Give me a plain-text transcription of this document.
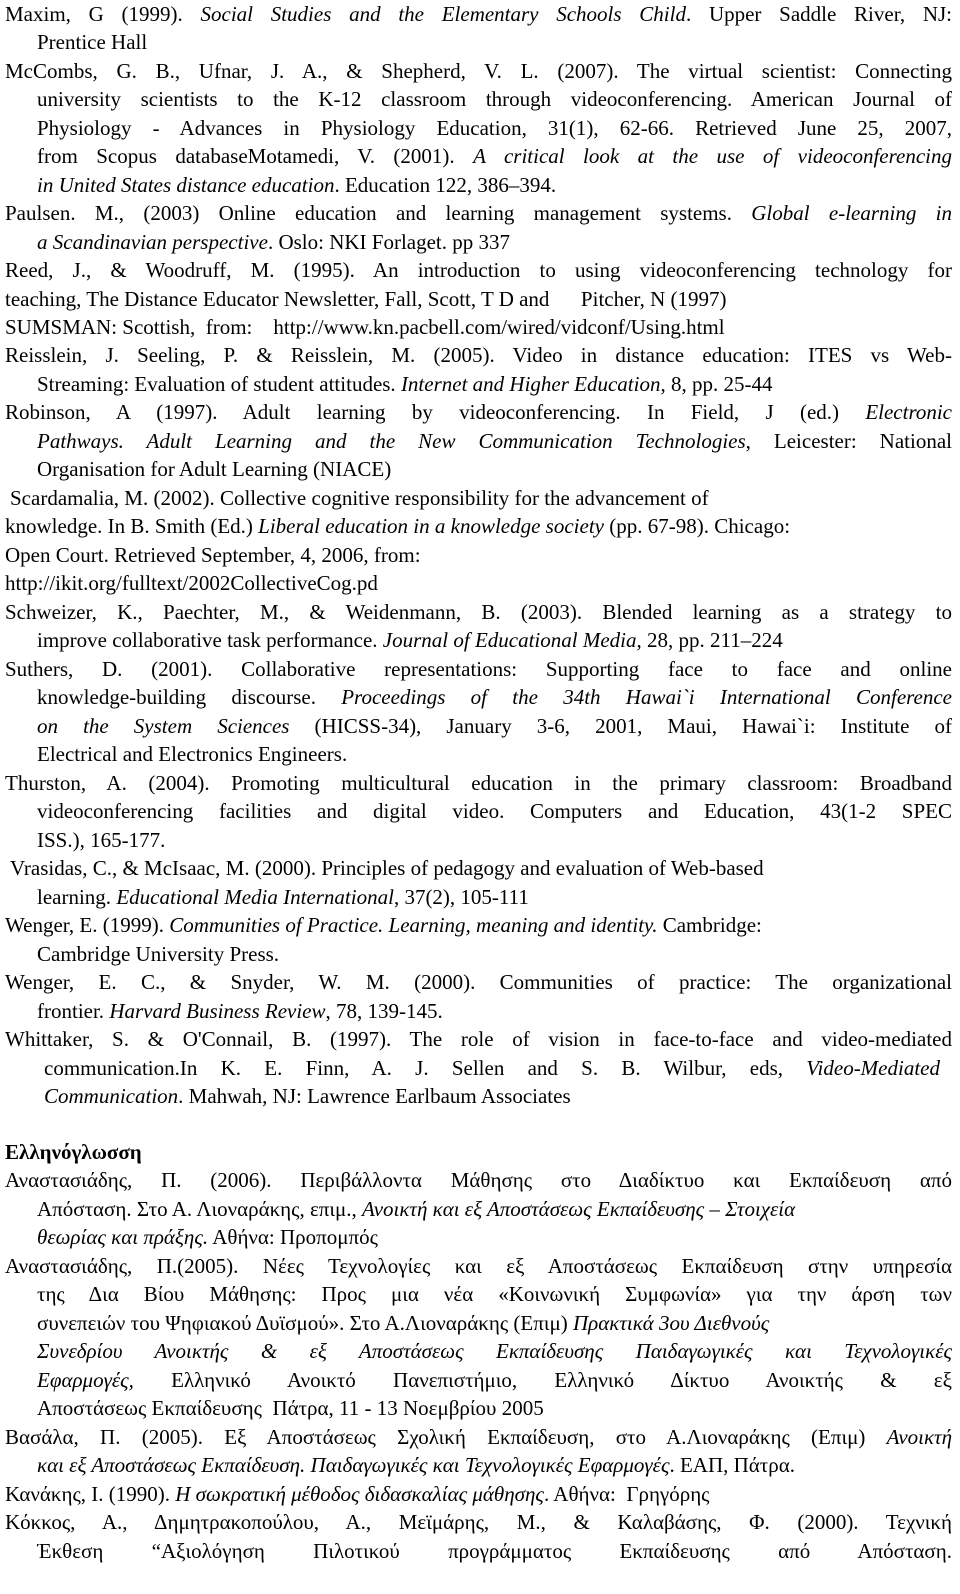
Maxim, G (1999). Social Studies and the Elementary Schools Child. Upper Saddle River, NJ:
Prentice Hall
McCombs, G. B., Ufnar, J. A., & Shepherd, V. L. (2007). The virtual scientist: Connecting
university scientists to the K-12 classroom through videoconferencing. American Journal of
Physiology - Advances in Physiology Education, 31(1), 62-66. Retrieved June 25, 2007,
from Scopus databaseMotamedi, V. (2001). A critical look at the use of videoconferencing
in United States distance education. Education 122, 386–394.
Paulsen. M., (2003) Online education and learning management systems. Global e-learning in
a Scandinavian perspective. Oslo: NKI Forlaget. pp 337
Reed, J., & Woodruff, M. (1995). An introduction to using videoconferencing technology for
teaching, The Distance Educator Newsletter, Fall, Scott, T D and      Pitcher, N (1997)
SUMSMAN: Scottish,  from:    http://www.kn.pacbell.com/wired/vidconf/Using.html
Reisslein, J. Seeling, P. & Reisslein, M. (2005). Video in distance education: ITES vs Web-
Streaming: Evaluation of student attitudes. Internet and Higher Education, 8, pp. 25-44
Robinson, A (1997). Adult learning by videoconferencing. In Field, J (ed.) Electronic
Pathways. Adult Learning and the New Communication Technologies, Leicester: National
Organisation for Adult Learning (NIACE)
Scardamalia, M. (2002). Collective cognitive responsibility for the advancement of
knowledge. In B. Smith (Ed.) Liberal education in a knowledge society (pp. 67-98). Chicago:
Open Court. Retrieved September, 4, 2006, from:
http://ikit.org/fulltext/2002CollectiveCog.pd
Schweizer, K., Paechter, M., & Weidenmann, B. (2003). Blended learning as a strategy to
improve collaborative task performance. Journal of Educational Media, 28, pp. 211–224
Suthers, D. (2001). Collaborative representations: Supporting face to face and online
knowledge-building discourse. Proceedings of the 34th Hawai`i International Conference
on the System Sciences (HICSS-34), January 3-6, 2001, Maui, Hawai`i: Institute of
Electrical and Electronics Engineers.
Thurston, A. (2004). Promoting multicultural education in the primary classroom: Broadband
videoconferencing facilities and digital video. Computers and Education, 43(1-2 SPEC
ISS.), 165-177.
Vrasidas, C., & McIsaac, M. (2000). Principles of pedagogy and evaluation of Web-based
learning. Educational Media International, 37(2), 105-111
Wenger, E. (1999). Communities of Practice. Learning, meaning and identity. Cambridge:
Cambridge University Press.
Wenger, E. C., & Snyder, W. M. (2000). Communities of practice: The organizational
frontier. Harvard Business Review, 78, 139-145.
Whittaker, S. & O'Connail, B. (1997). The role of vision in face-to-face and video-mediated
communication.In K. E. Finn, A. J. Sellen and S. B. Wilbur, eds, Video-Mediated
Communication. Mahwah, NJ: Lawrence Earlbaum Associates
Ελληνόγλωσση
Αναστασιάδης, Π. (2006). Περιβάλλοντα Μάθησης στο Διαδίκτυο και Εκπαίδευση από
Απόσταση. Στο Α. Λιοναράκης, επιμ., Ανοικτή και εξ Αποστάσεως Εκπαίδευσης – Στοιχεία
θεωρίας και πράξης. Αθήνα: Προπομπός
Αναστασιάδης, Π.(2005). Νέες Τεχνολογίες και εξ Αποστάσεως Εκπαίδευση στην υπηρεσία
της Δια Βίου Μάθησης: Προς μια νέα «Κοινωνική Συμφωνία» για την άρση των
συνεπειών του Ψηφιακού Δυϊσμού». Στο Α.Λιοναράκης (Επιμ) Πρακτικά 3ου Διεθνούς
Συνεδρίου Ανοικτής & εξ Αποστάσεως Εκπαίδευσης Παιδαγωγικές και Τεχνολογικές
Εφαρμογές, Ελληνικό Ανοικτό Πανεπιστήμιο, Ελληνικό Δίκτυο Ανοικτής & εξ
Αποστάσεως Εκπαίδευσης  Πάτρα, 11 - 13 Νοεμβρίου 2005
Βασάλα, Π. (2005). Εξ Αποστάσεως Σχολική Εκπαίδευση, στο Α.Λιοναράκης (Επιμ) Ανοικτή
και εξ Αποστάσεως Εκπαίδευση. Παιδαγωγικές και Τεχνολογικές Εφαρμογές. ΕΑΠ, Πάτρα.
Κανάκης, Ι. (1990). Η σωκρατική μέθοδος διδασκαλίας μάθησης. Αθήνα:  Γρηγόρης
Κόκκος, Α., Δημητρακοπούλου, Α., Μεϊμάρης, Μ., & Καλαβάσης, Φ. (2000). Τεχνική
Έκθεση “Αξιολόγηση Πιλοτικού προγράμματος Εκπαίδευσης από Απόσταση.
